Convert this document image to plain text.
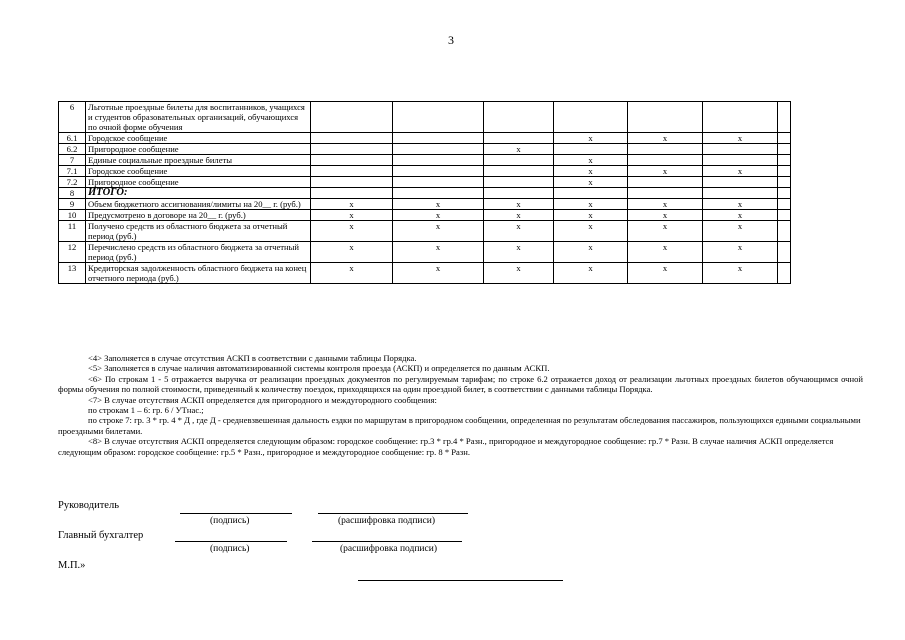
3
6	Льготные проездные билеты для воспитанников, учащихся и студентов образовательных организаций, обучающихся по очной форме обучения							
6.1	Городское сообщение				x	x	x	
6.2	Пригородное сообщение			x				
7	Единые социальные проездные билеты				x			
7.1	Городское сообщение				x	x	x	
7.2	Пригородное сообщение				x			
8	ИТОГО:							
9	Объем бюджетного ассигнования/лимиты на 20__ г. (руб.)	x	x	x	x	x	x	
10	Предусмотрено в договоре на 20__ г. (руб.)	x	x	x	x	x	x	
11	Получено средств из областного бюджета за отчетный период (руб.)	x	x	x	x	x	x	
12	Перечислено средств из областного бюджета за отчетный период (руб.)	x	x	x	x	x	x	
13	Кредиторская задолженность областного бюджета на конец отчетного периода (руб.)	x	x	x	x	x	x	

<4> Заполняется в случае отсутствия АСКП в соответствии с данными таблицы Порядка.

<5> Заполняется в случае наличия автоматизированной системы контроля проезда (АСКП) и определяется по данным АСКП.

<6> По строкам 1 - 5 отражается выручка от реализации проездных документов по регулируемым тарифам; по строке 6.2 отражается доход от реализации льготных проездных билетов обучающимся очной формы обучения по полной стоимости, приведенный к количеству поездок, приходящихся на один проездной билет, в соответствии с данными таблицы Порядка.

<7> В случае отсутствия АСКП определяется для пригородного и междугородного сообщения:

по строкам 1 – 6: гр. 6 / УТнас.;

по строке 7: гр. 3 * гр. 4 * Д , где Д - средневзвешенная дальность ездки по маршрутам в пригородном сообщении, определенная по результатам обследования пассажиров, пользующихся едиными социальными проездными билетами.

<8> В случае отсутствия АСКП определяется следующим образом: городское сообщение: гр.3 * гр.4 * Разн., пригородное и междугородное сообщение: гр.7 * Разн. В случае наличия АСКП определяется следующим образом: городское сообщение: гр.5 * Разн., пригородное и междугородное сообщение: гр. 8 * Разн.

Руководитель
(подпись)	(расшифровка подписи)
Главный бухгалтер
(подпись)	(расшифровка подписи)
М.П.»
